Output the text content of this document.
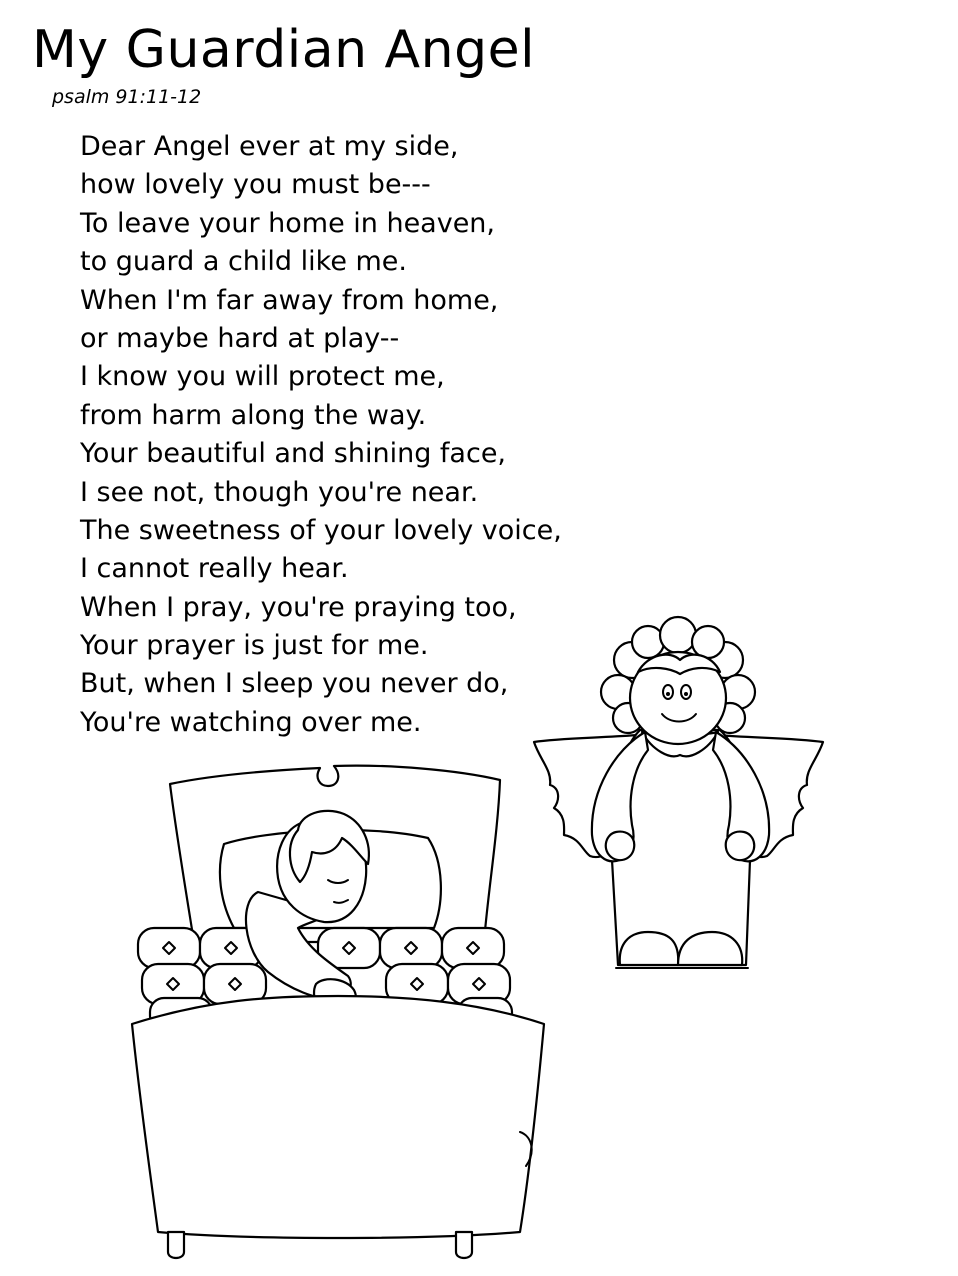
My Guardian Angel
psalm 91:11-12
Dear Angel ever at my side,
how lovely you must be---
To leave your home in heaven,
to guard a child like me.
When I'm far away from home,
or maybe hard at play--
I know you will protect me,
from harm along the way.
Your beautiful and shining face,
I see not, though you're near.
The sweetness of your lovely voice,
I cannot really hear.
When I pray, you're praying too,
Your prayer is just for me.
But, when I sleep you never do,
You're watching over me.
